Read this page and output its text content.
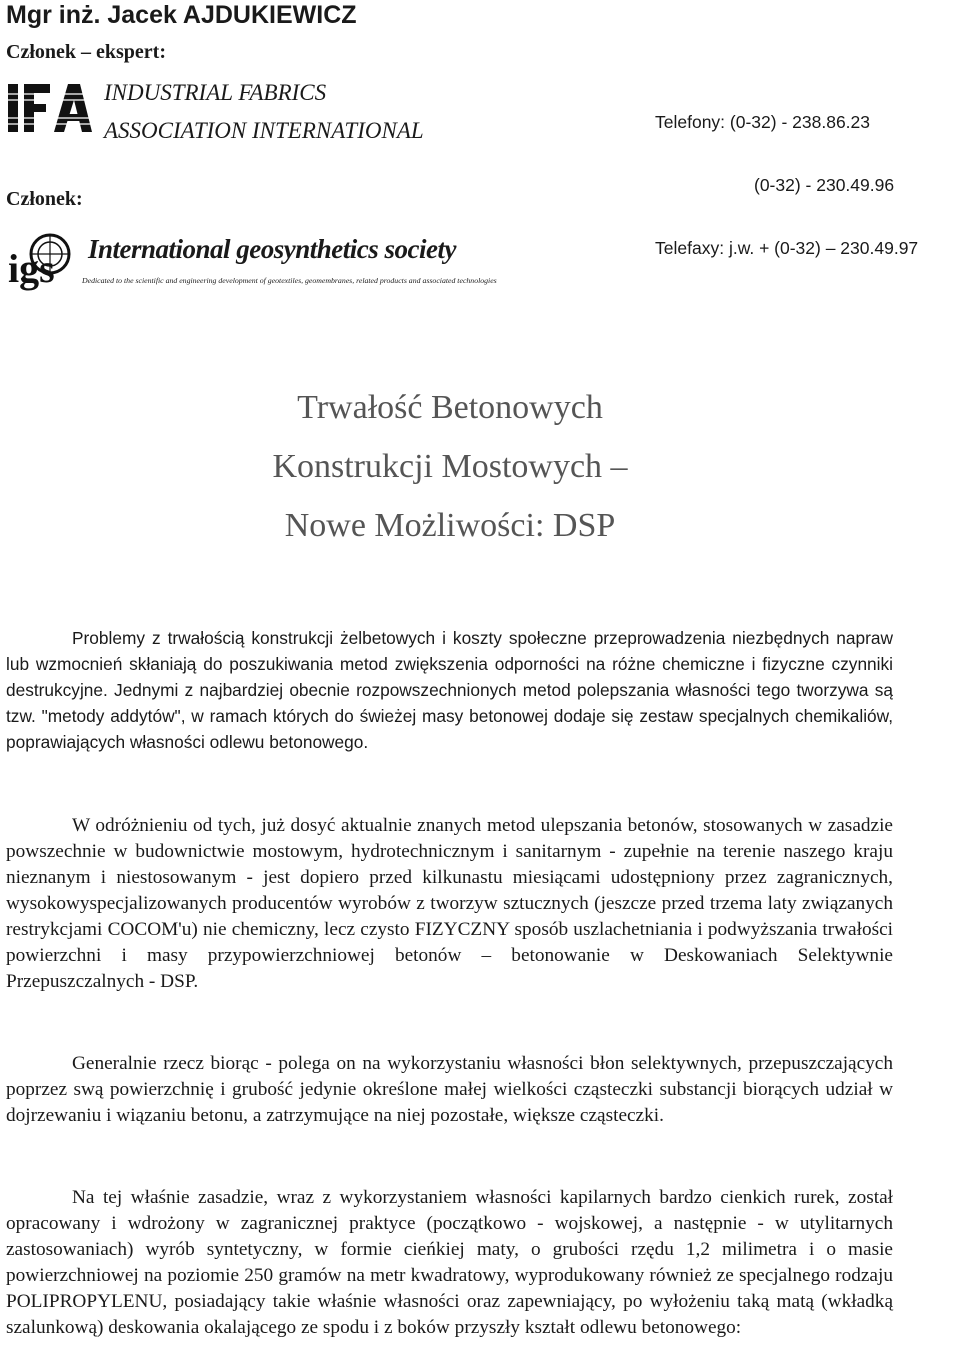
Mgr inż. Jacek AJDUKIEWICZ
Członek – ekspert:
INDUSTRIAL FABRICS
ASSOCIATION INTERNATIONAL

	Telefony: (0-32) - 238.86.23

(0-32) - 230.49.96

Telefaxy: j.w. + (0-32) – 230.49.97

Członek:
igs International geosynthetics society
Dedicated to the scientific and engineering development of geotextiles, geomembranes, related products and associated technologies
Trwałość Betonowych
Konstrukcji Mostowych –
Nowe Możliwości: DSP
Problemy z trwałością konstrukcji żelbetowych i koszty społeczne przeprowadzenia niezbędnych napraw lub wzmocnień skłaniają do poszukiwania metod zwiększenia odporności na różne chemiczne i fizyczne czynniki destrukcyjne. Jednymi z najbardziej obecnie rozpowszechnionych metod polepszania własności tego tworzywa są tzw. "metody addytów", w ramach których do świeżej masy betonowej dodaje się zestaw specjalnych chemikaliów, poprawiających własności odlewu betonowego.
W odróżnieniu od tych, już dosyć aktualnie znanych metod ulepszania betonów, stosowanych w zasadzie powszechnie w budownictwie mostowym, hydrotechnicznym i sanitarnym - zupełnie na terenie naszego kraju nieznanym i niestosowanym - jest dopiero przed kilkunastu miesiącami udostępniony przez zagranicznych, wysokowyspecjalizowanych producentów wyrobów z tworzyw sztucznych (jeszcze przed trzema laty związanych restrykcjami COCOM'u) nie chemiczny, lecz czysto FIZYCZNY sposób uszlachetniania i podwyższania trwałości powierzchni i masy przypowierzchniowej betonów – betonowanie w Deskowaniach Selektywnie Przepuszczalnych - DSP.
Generalnie rzecz biorąc - polega on na wykorzystaniu własności błon selektywnych, przepuszczających poprzez swą powierzchnię i grubość jedynie określone małej wielkości cząsteczki substancji biorących udział w dojrzewaniu i wiązaniu betonu, a zatrzymujące na niej pozostałe, większe cząsteczki.
Na tej właśnie zasadzie, wraz z wykorzystaniem własności kapilarnych bardzo cienkich rurek, został opracowany i wdrożony w zagranicznej praktyce (początkowo - wojskowej, a następnie - w utylitarnych zastosowaniach) wyrób syntetyczny, w formie cieńkiej maty, o grubości rzędu 1,2 milimetra i o masie powierzchniowej na poziomie 250 gramów na metr kwadratowy, wyprodukowany również ze specjalnego rodzaju POLIPROPYLENU, posiadający takie właśnie własności oraz zapewniający, po wyłożeniu taką matą (wkładką szalunkową) deskowania okalającego ze spodu i z boków przyszły kształt odlewu betonowego:
